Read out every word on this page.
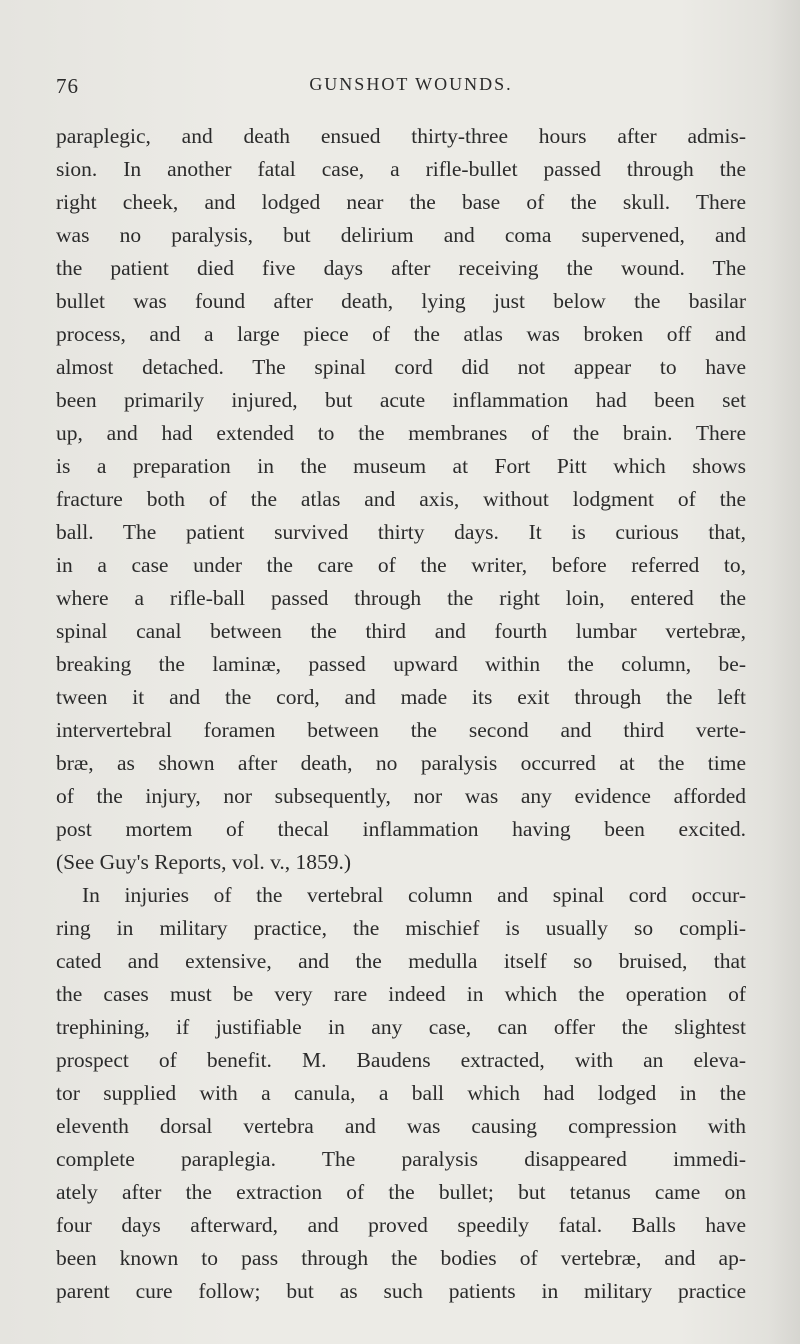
76	GUNSHOT WOUNDS.
paraplegic, and death ensued thirty-three hours after admis-
sion. In another fatal case, a rifle-bullet passed through the
right cheek, and lodged near the base of the skull. There
was no paralysis, but delirium and coma supervened, and
the patient died five days after receiving the wound. The
bullet was found after death, lying just below the basilar
process, and a large piece of the atlas was broken off and
almost detached. The spinal cord did not appear to have
been primarily injured, but acute inflammation had been set
up, and had extended to the membranes of the brain. There
is a preparation in the museum at Fort Pitt which shows
fracture both of the atlas and axis, without lodgment of the
ball. The patient survived thirty days. It is curious that,
in a case under the care of the writer, before referred to,
where a rifle-ball passed through the right loin, entered the
spinal canal between the third and fourth lumbar vertebræ,
breaking the laminæ, passed upward within the column, be-
tween it and the cord, and made its exit through the left
intervertebral foramen between the second and third verte-
bræ, as shown after death, no paralysis occurred at the time
of the injury, nor subsequently, nor was any evidence afforded
post mortem of thecal inflammation having been excited.
(See Guy's Reports, vol. v., 1859.)
In injuries of the vertebral column and spinal cord occur-
ring in military practice, the mischief is usually so compli-
cated and extensive, and the medulla itself so bruised, that
the cases must be very rare indeed in which the operation of
trephining, if justifiable in any case, can offer the slightest
prospect of benefit. M. Baudens extracted, with an eleva-
tor supplied with a canula, a ball which had lodged in the
eleventh dorsal vertebra and was causing compression with
complete paraplegia. The paralysis disappeared immedi-
ately after the extraction of the bullet; but tetanus came on
four days afterward, and proved speedily fatal. Balls have
been known to pass through the bodies of vertebræ, and ap-
parent cure follow; but as such patients in military practice
